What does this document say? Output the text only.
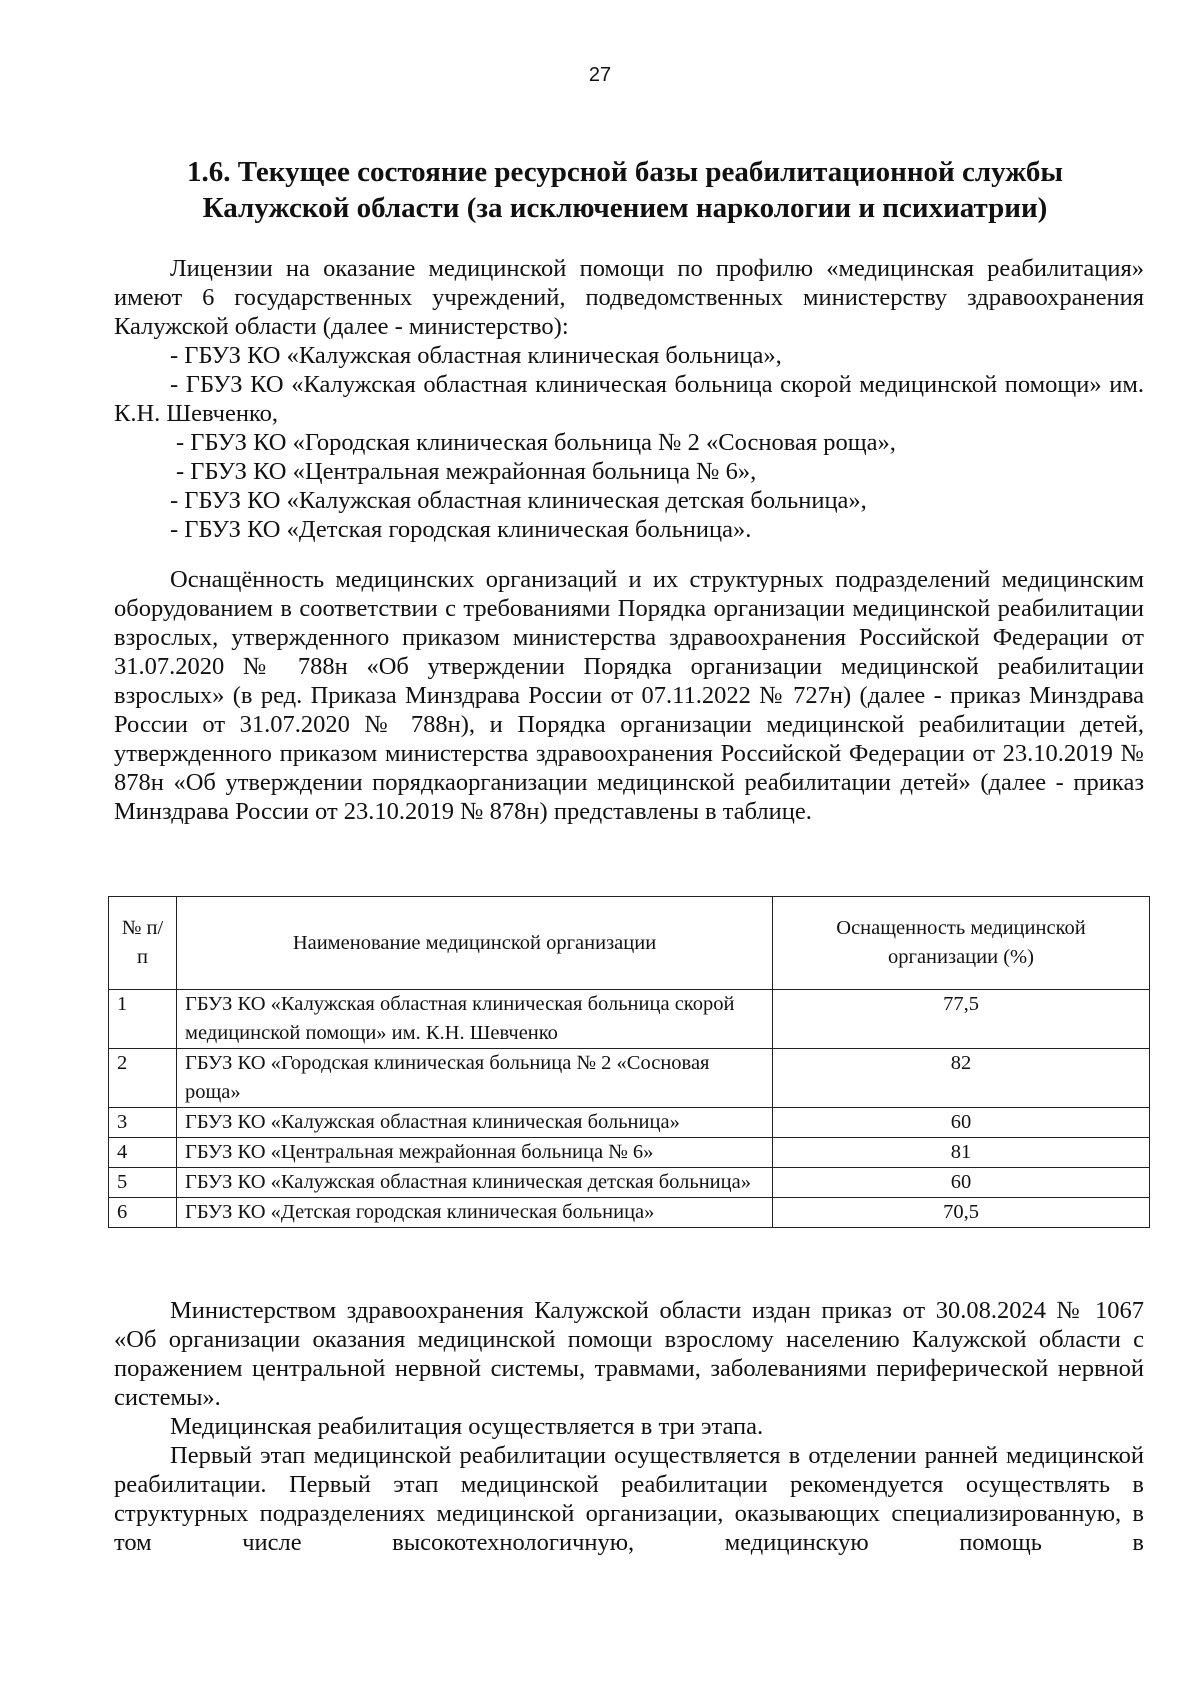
27
1.6. Текущее состояние ресурсной базы реабилитационной службы
Калужской области (за исключением наркологии и психиатрии)

Лицензии на оказание медицинской помощи по профилю «медицинская реабилитация» имеют 6 государственных учреждений, подведомственных министерству здравоохранения Калужской области (далее - министерство):

- ГБУЗ КО «Калужская областная клиническая больница»,

- ГБУЗ КО «Калужская областная клиническая больница скорой медицинской помощи» им. К.Н. Шевченко,

- ГБУЗ КО «Городская клиническая больница № 2 «Сосновая роща»,

- ГБУЗ КО «Центральная межрайонная больница № 6»,

- ГБУЗ КО «Калужская областная клиническая детская больница»,

- ГБУЗ КО «Детская городская клиническая больница».

Оснащённость медицинских организаций и их структурных подразделений медицинским оборудованием в соответствии с требованиями Порядка организации медицинской реабилитации взрослых, утвержденного приказом министерства здравоохранения Российской Федерации от 31.07.2020 № 788н «Об утверждении Порядка организации медицинской реабилитации взрослых» (в ред. Приказа Минздрава России от 07.11.2022 № 727н) (далее - приказ Минздрава России от 31.07.2020 № 788н), и Порядка организации медицинской реабилитации детей, утвержденного приказом министерства здравоохранения Российской Федерации от 23.10.2019 № 878н «Об утверждении порядкаорганизации медицинской реабилитации детей» (далее - приказ Минздрава России от 23.10.2019 № 878н) представлены в таблице.

№ п/п	Наименование медицинской организации	Оснащенность медицинской организации (%)
1	ГБУЗ КО «Калужская областная клиническая больница скорой медицинской помощи» им. К.Н. Шевченко	77,5
2	ГБУЗ КО «Городская клиническая больница № 2 «Сосновая роща»	82
3	ГБУЗ КО «Калужская областная клиническая больница»	60
4	ГБУЗ КО «Центральная межрайонная больница № 6»	81
5	ГБУЗ КО «Калужская областная клиническая детская больница»	60
6	ГБУЗ КО «Детская городская клиническая больница»	70,5

Министерством здравоохранения Калужской области издан приказ от 30.08.2024 № 1067 «Об организации оказания медицинской помощи взрослому населению Калужской области с поражением центральной нервной системы, травмами, заболеваниями периферической нервной системы».

Медицинская реабилитация осуществляется в три этапа.

Первый этап медицинской реабилитации осуществляется в отделении ранней медицинской реабилитации. Первый этап медицинской реабилитации рекомендуется осуществлять в структурных подразделениях медицинской организации, оказывающих специализированную, в том числе высокотехнологичную, медицинскую помощь в
